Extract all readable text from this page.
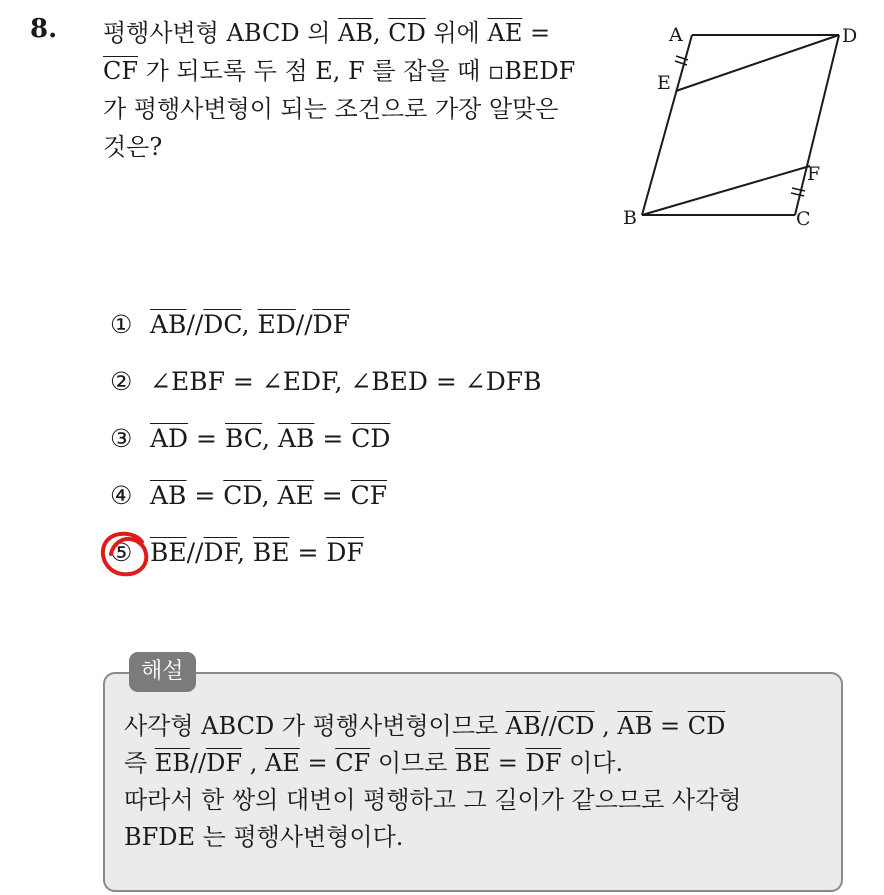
8. 평행사변형 ABCD 의 $\overline{AB}$, $\overline{CD}$ 위에 $\overline{AE}$ =
$\overline{CF}$ 가 되도록 두 점 E, F 를 잡을 때 ▫BEDF
가 평행사변형이 되는 조건으로 가장 알맞은
것은?
A	D
E
F
B	C
① $\overline{AB}//\overline{DC}$, $\overline{ED}//\overline{DF}$
② ∠EBF = ∠EDF, ∠BED = ∠DFB
③ $\overline{AD} = \overline{BC}$, $\overline{AB} = \overline{CD}$
④ $\overline{AB} = \overline{CD}$, $\overline{AE} = \overline{CF}$
⑤ $\overline{BE}//\overline{DF}$, $\overline{BE} = \overline{DF}$
해설
사각형 ABCD 가 평행사변형이므로 $\overline{AB}//\overline{CD}$ , $\overline{AB} = \overline{CD}$
즉 $\overline{EB}//\overline{DF}$ , $\overline{AE} = \overline{CF}$ 이므로 $\overline{BE} = \overline{DF}$ 이다.
따라서 한 쌍의 대변이 평행하고 그 길이가 같으므로 사각형
BFDE 는 평행사변형이다.
